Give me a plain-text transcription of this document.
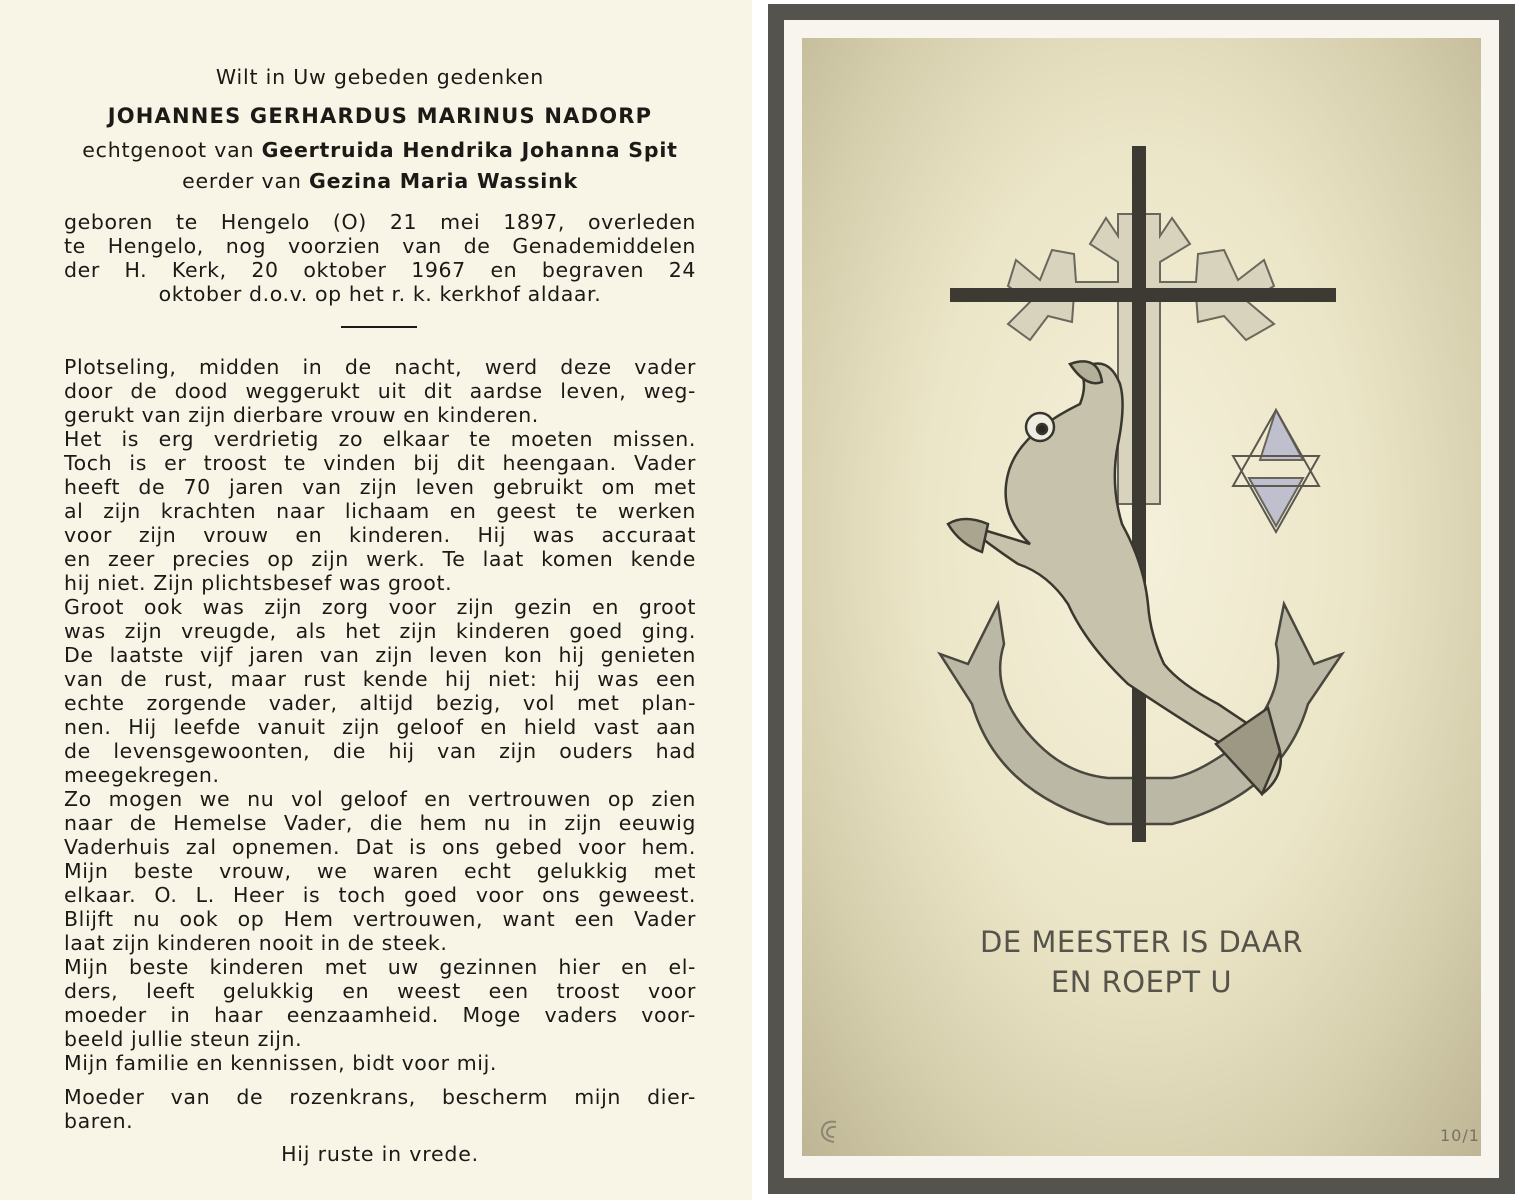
Wilt in Uw gebeden gedenken
JOHANNES GERHARDUS MARINUS NADORP
echtgenoot van Geertruida Hendrika Johanna Spit
eerder van Gezina Maria Wassink

geboren te Hengelo (O) 21 mei 1897, overleden

te Hengelo, nog voorzien van de Genademiddelen

der H. Kerk, 20 oktober 1967 en begraven 24

oktober d.o.v. op het r. k. kerkhof aldaar.

Plotseling, midden in de nacht, werd deze vader

door de dood weggerukt uit dit aardse leven, weg-

gerukt van zijn dierbare vrouw en kinderen.

Het is erg verdrietig zo elkaar te moeten missen.

Toch is er troost te vinden bij dit heengaan. Vader

heeft de 70 jaren van zijn leven gebruikt om met

al zijn krachten naar lichaam en geest te werken

voor zijn vrouw en kinderen. Hij was accuraat

en zeer precies op zijn werk. Te laat komen kende

hij niet. Zijn plichtsbesef was groot.

Groot ook was zijn zorg voor zijn gezin en groot

was zijn vreugde, als het zijn kinderen goed ging.

De laatste vijf jaren van zijn leven kon hij genieten

van de rust, maar rust kende hij niet: hij was een

echte zorgende vader, altijd bezig, vol met plan-

nen. Hij leefde vanuit zijn geloof en hield vast aan

de levensgewoonten, die hij van zijn ouders had

meegekregen.

Zo mogen we nu vol geloof en vertrouwen op zien

naar de Hemelse Vader, die hem nu in zijn eeuwig

Vaderhuis zal opnemen. Dat is ons gebed voor hem.

Mijn beste vrouw, we waren echt gelukkig met

elkaar. O. L. Heer is toch goed voor ons geweest.

Blijft nu ook op Hem vertrouwen, want een Vader

laat zijn kinderen nooit in de steek.

Mijn beste kinderen met uw gezinnen hier en el-

ders, leeft gelukkig en weest een troost voor

moeder in haar eenzaamheid. Moge vaders voor-

beeld jullie steun zijn.

Mijn familie en kennissen, bidt voor mij.

Moeder van de rozenkrans, bescherm mijn dier-

baren.

Hij ruste in vrede.
DE MEESTER IS DAAR
EN ROEPT U
10/1
